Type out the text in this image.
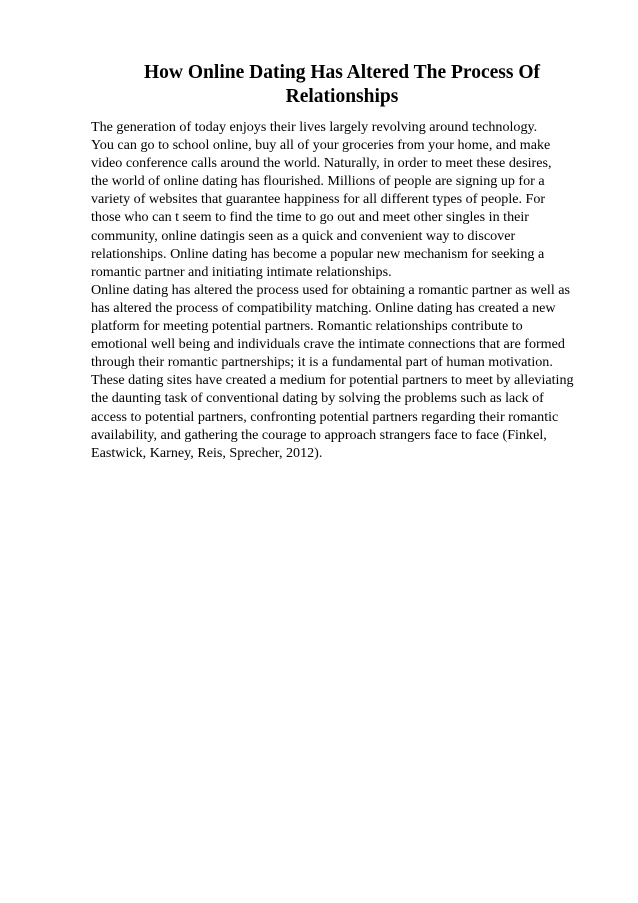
How Online Dating Has Altered The Process Of
Relationships
The generation of today enjoys their lives largely revolving around technology.
You can go to school online, buy all of your groceries from your home, and make
video conference calls around the world. Naturally, in order to meet these desires,
the world of online dating has flourished. Millions of people are signing up for a
variety of websites that guarantee happiness for all different types of people. For
those who can t seem to find the time to go out and meet other singles in their
community, online datingis seen as a quick and convenient way to discover
relationships. Online dating has become a popular new mechanism for seeking a
romantic partner and initiating intimate relationships.
Online dating has altered the process used for obtaining a romantic partner as well as
has altered the process of compatibility matching. Online dating has created a new
platform for meeting potential partners. Romantic relationships contribute to
emotional well being and individuals crave the intimate connections that are formed
through their romantic partnerships; it is a fundamental part of human motivation.
These dating sites have created a medium for potential partners to meet by alleviating
the daunting task of conventional dating by solving the problems such as lack of
access to potential partners, confronting potential partners regarding their romantic
availability, and gathering the courage to approach strangers face to face (Finkel,
Eastwick, Karney, Reis, Sprecher, 2012).
